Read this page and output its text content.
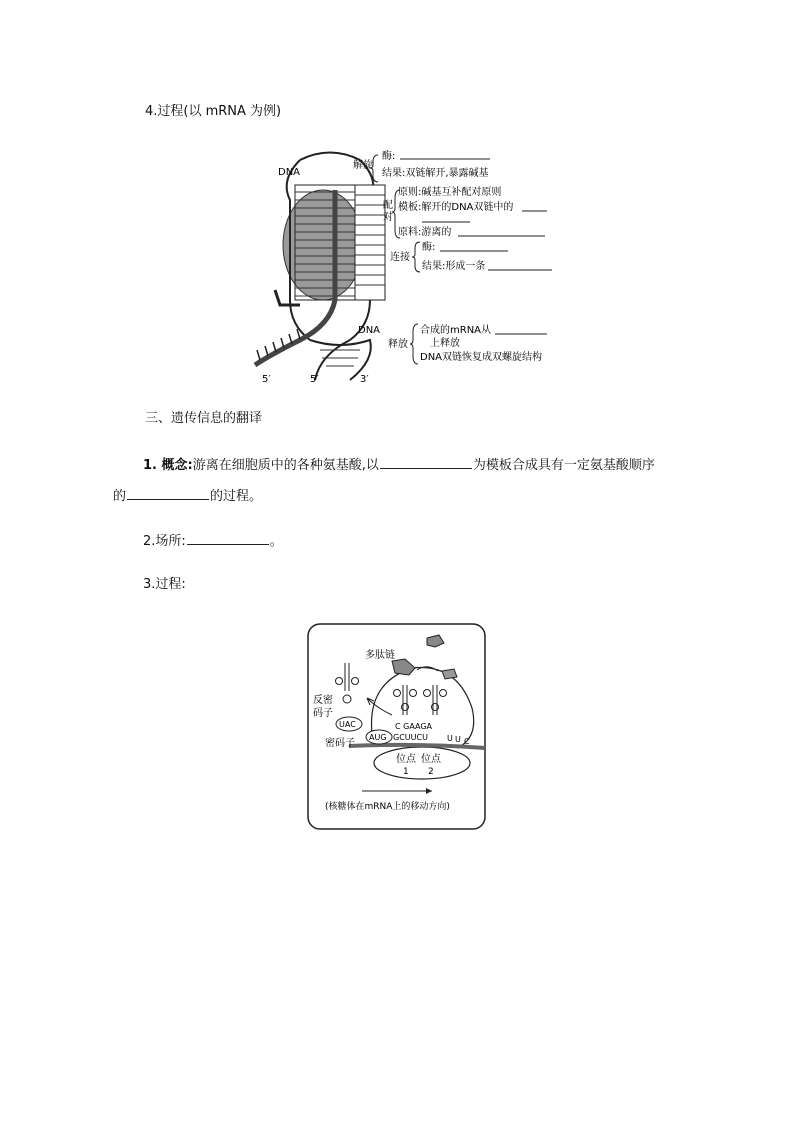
4.过程(以 mRNA 为例)
DNA
DNA
解旋
配
对
连接
释放
5′	5′	3′
酶:
结果:双链解开,暴露碱基
原则:碱基互补配对原则
模板:解开的DNA双链中的
原料:游离的
酶:
结果:形成一条
合成的mRNA从
上释放
DNA双链恢复成双螺旋结构
三、遗传信息的翻译
1. 概念:游离在细胞质中的各种氨基酸,以	为模板合成具有一定氨基酸顺序
的	的过程。
2.场所:	。
3.过程:
UAC
AUG
多肽链
反密
码子
密码子
C GAAGA
GCUUCU U U C
位点
1
位点
2
(核糖体在mRNA上的移动方向)
